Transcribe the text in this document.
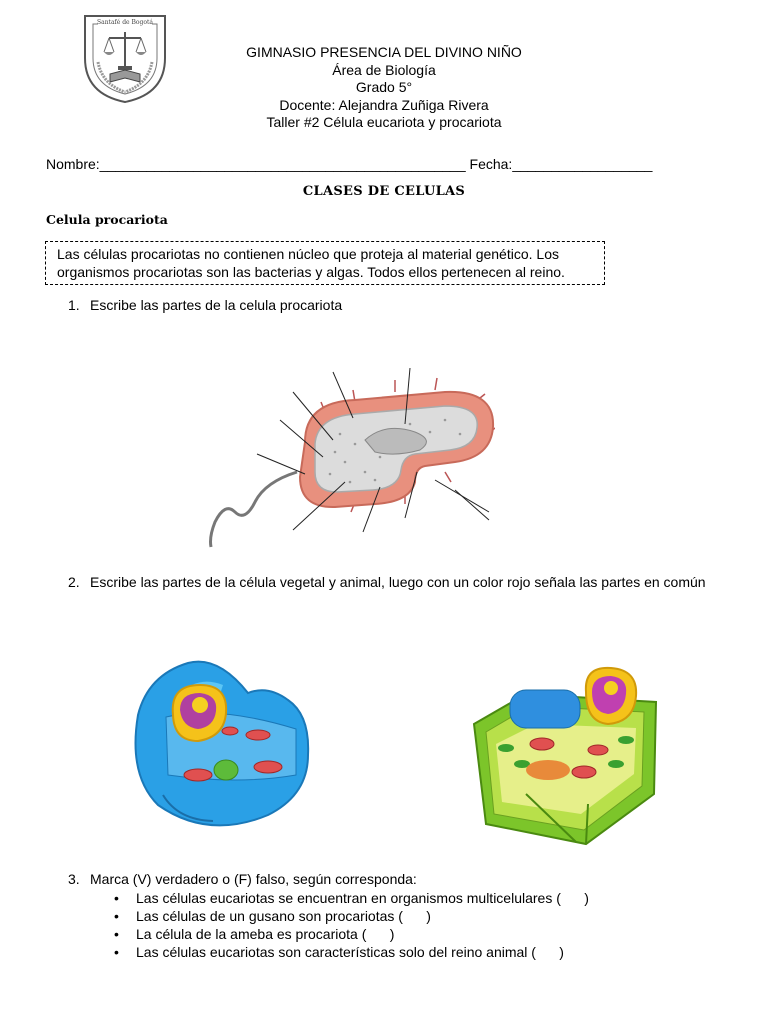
Santafé de Bogotá
GIMNASIO PRESENCIA DEL DIVINO NIÑO
Área de Biología
Grado 5°
Docente: Alejandra Zuñiga Rivera
Taller #2 Célula eucariota y procariota
Nombre:_______________________________________________ Fecha:__________________
CLASES DE CELULAS
Celula procariota
Las células procariotas no contienen núcleo que proteja al material genético. Los
organismos procariotas son las bacterias y algas. Todos ellos pertenecen al reino.
1. Escribe las partes de la celula procariota
2. Escribe las partes de la célula vegetal y animal, luego con un color rojo señala las partes en común
3. Marca (V) verdadero o (F) falso, según corresponda:
• Las células eucariotas se encuentran en organismos multicelulares (      )
• Las células de un gusano son procariotas (      )
• La célula de la ameba es procariota (      )
• Las células eucariotas son características solo del reino animal (      )
